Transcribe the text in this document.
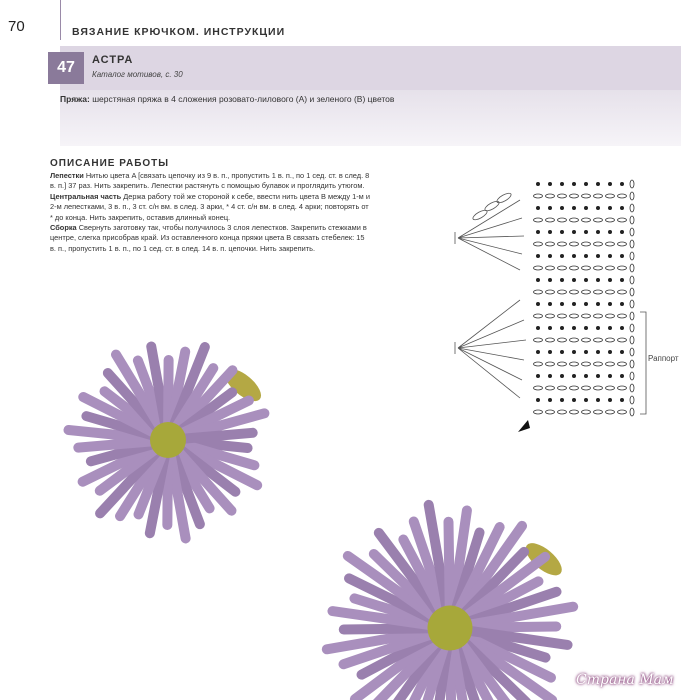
70	ВЯЗАНИЕ КРЮЧКОМ. ИНСТРУКЦИИ
47	АСТРА
Каталог мотивов, с. 30
Пряжа: шерстяная пряжа в 4 сложения розовато-лилового (A) и зеленого (B) цветов
ОПИСАНИЕ РАБОТЫ

Лепестки Нитью цвета A [связать цепочку из 9 в. п., пропустить 1 в. п., по 1 сед. ст. в след. 8 в. п.] 37 раз. Нить закрепить. Лепестки растянуть с помощью булавок и проглядить утюгом.

Центральная часть Держа работу той же стороной к себе, ввести нить цвета B между 1-м и 2-м лепестками, 3 в. п., 3 ст. с/н вм. в след. 3 арки, * 4 ст. с/н вм. в след. 4 арки; повторять от * до конца. Нить закрепить, оставив длинный конец.

Сборка Свернуть заготовку так, чтобы получилось 3 слоя лепестков. Закрепить стежками в центре, слегка присобрав край. Из оставленного конца пряжи цвета B связать стебелек: 15 в. п., пропустить 1 в. п., по 1 сед. ст. в след. 14 в. п. цепочки. Нить закрепить.

Раппорт
Страна Мам
